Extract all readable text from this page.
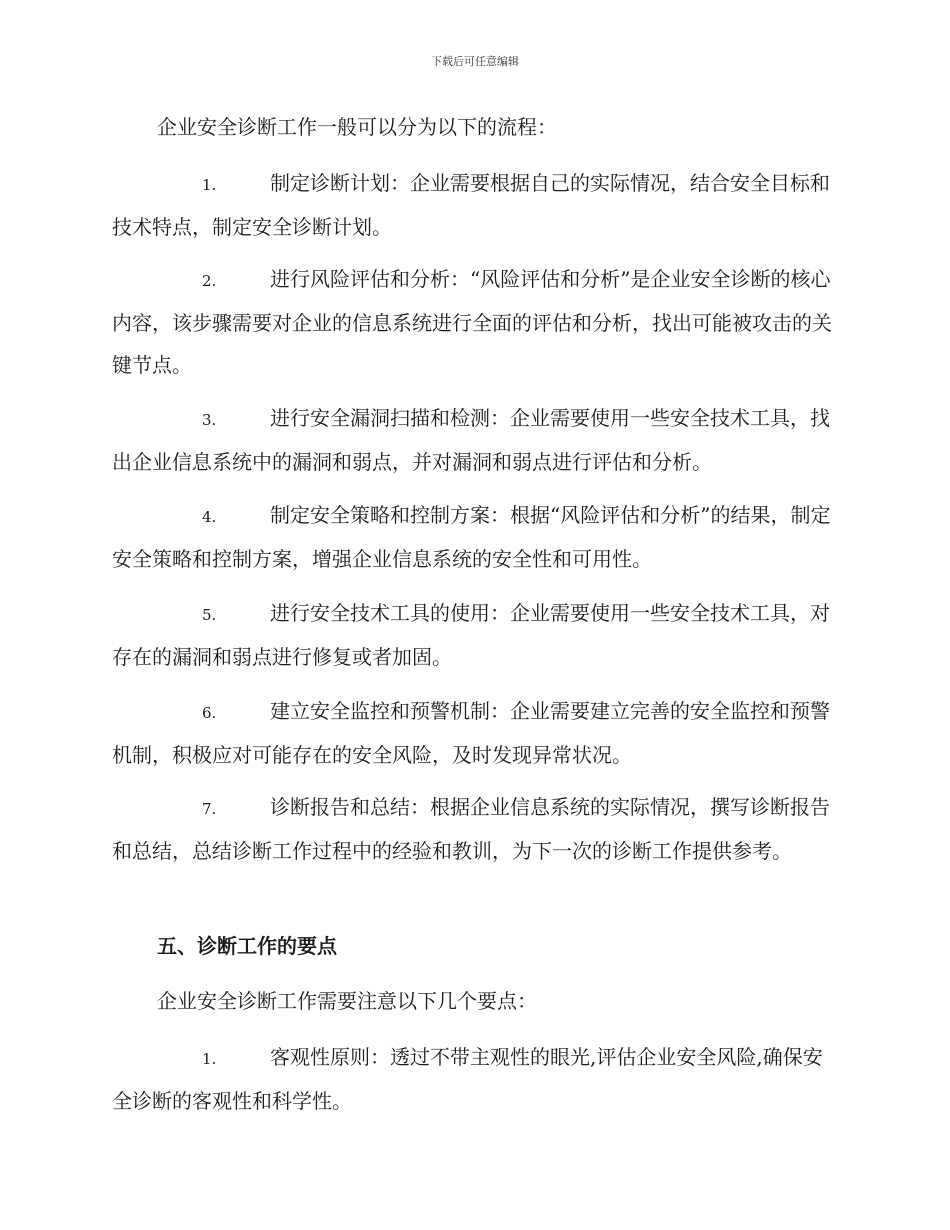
下载后可任意编辑

企业安全诊断工作一般可以分为以下的流程：

1.	制定诊断计划：企业需要根据自己的实际情况，结合安全目标和技术特点，制定安全诊断计划。

2.	进行风险评估和分析：“风险评估和分析”是企业安全诊断的核心内容，该步骤需要对企业的信息系统进行全面的评估和分析，找出可能被攻击的关键节点。

3.	进行安全漏洞扫描和检测：企业需要使用一些安全技术工具，找出企业信息系统中的漏洞和弱点，并对漏洞和弱点进行评估和分析。

4.	制定安全策略和控制方案：根据“风险评估和分析”的结果，制定安全策略和控制方案，增强企业信息系统的安全性和可用性。

5.	进行安全技术工具的使用：企业需要使用一些安全技术工具，对存在的漏洞和弱点进行修复或者加固。

6.	建立安全监控和预警机制：企业需要建立完善的安全监控和预警机制，积极应对可能存在的安全风险，及时发现异常状况。

7.	诊断报告和总结：根据企业信息系统的实际情况，撰写诊断报告和总结，总结诊断工作过程中的经验和教训，为下一次的诊断工作提供参考。

五、诊断工作的要点

企业安全诊断工作需要注意以下几个要点：

1.	客观性原则：透过不带主观性的眼光,评估企业安全风险,确保安全诊断的客观性和科学性。
